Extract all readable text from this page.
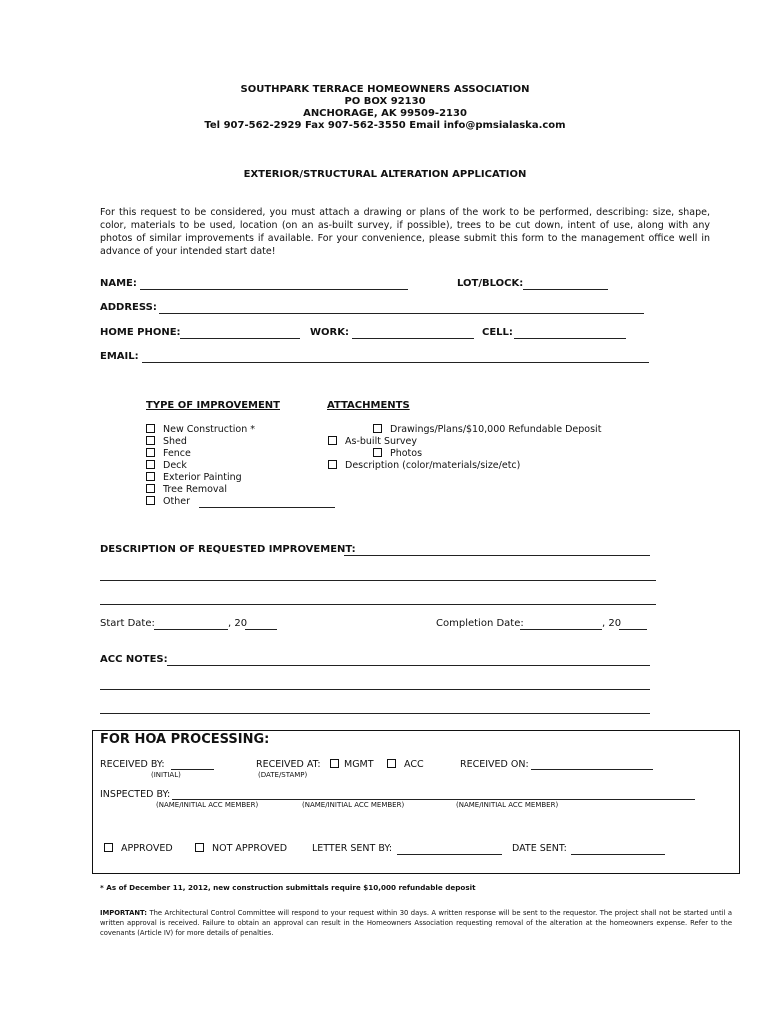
SOUTHPARK TERRACE HOMEOWNERS ASSOCIATION
PO BOX 92130
ANCHORAGE, AK 99509-2130
Tel 907-562-2929 Fax 907-562-3550 Email info@pmsialaska.com
EXTERIOR/STRUCTURAL ALTERATION APPLICATION
For this request to be considered, you must attach a drawing or plans of the work to be performed, describing: size, shape, color, materials to be used, location (on an as-built survey, if possible), trees to be cut down, intent of use, along with any photos of similar improvements if available. For your convenience, please submit this form to the management office well in advance of your intended start date!
NAME:	LOT/BLOCK:
ADDRESS:
HOME PHONE:	WORK:	CELL:
EMAIL:
TYPE OF IMPROVEMENT
New Construction *
Shed
Fence
Deck
Exterior Painting
Tree Removal
Other
ATTACHMENTS
Drawings/Plans/$10,000 Refundable Deposit
As-built Survey
Photos
Description (color/materials/size/etc)
DESCRIPTION OF REQUESTED IMPROVEMENT:
Start Date:	, 20	Completion Date:	, 20
ACC NOTES:
FOR HOA PROCESSING:
RECEIVED BY:
(INITIAL)
RECEIVED AT:
(DATE/STAMP)
MGMT	ACC	RECEIVED ON:
INSPECTED BY:
(NAME/INITIAL ACC MEMBER)	(NAME/INITIAL ACC MEMBER)	(NAME/INITIAL ACC MEMBER)
APPROVED	NOT APPROVED	LETTER SENT BY:	DATE SENT:
* As of December 11, 2012, new construction submittals require $10,000 refundable deposit
IMPORTANT: The Architectural Control Committee will respond to your request within 30 days. A written response will be sent to the requestor. The project shall not be started until a written approval is received. Failure to obtain an approval can result in the Homeowners Association requesting removal of the alteration at the homeowners expense. Refer to the covenants (Article IV) for more details of penalties.
